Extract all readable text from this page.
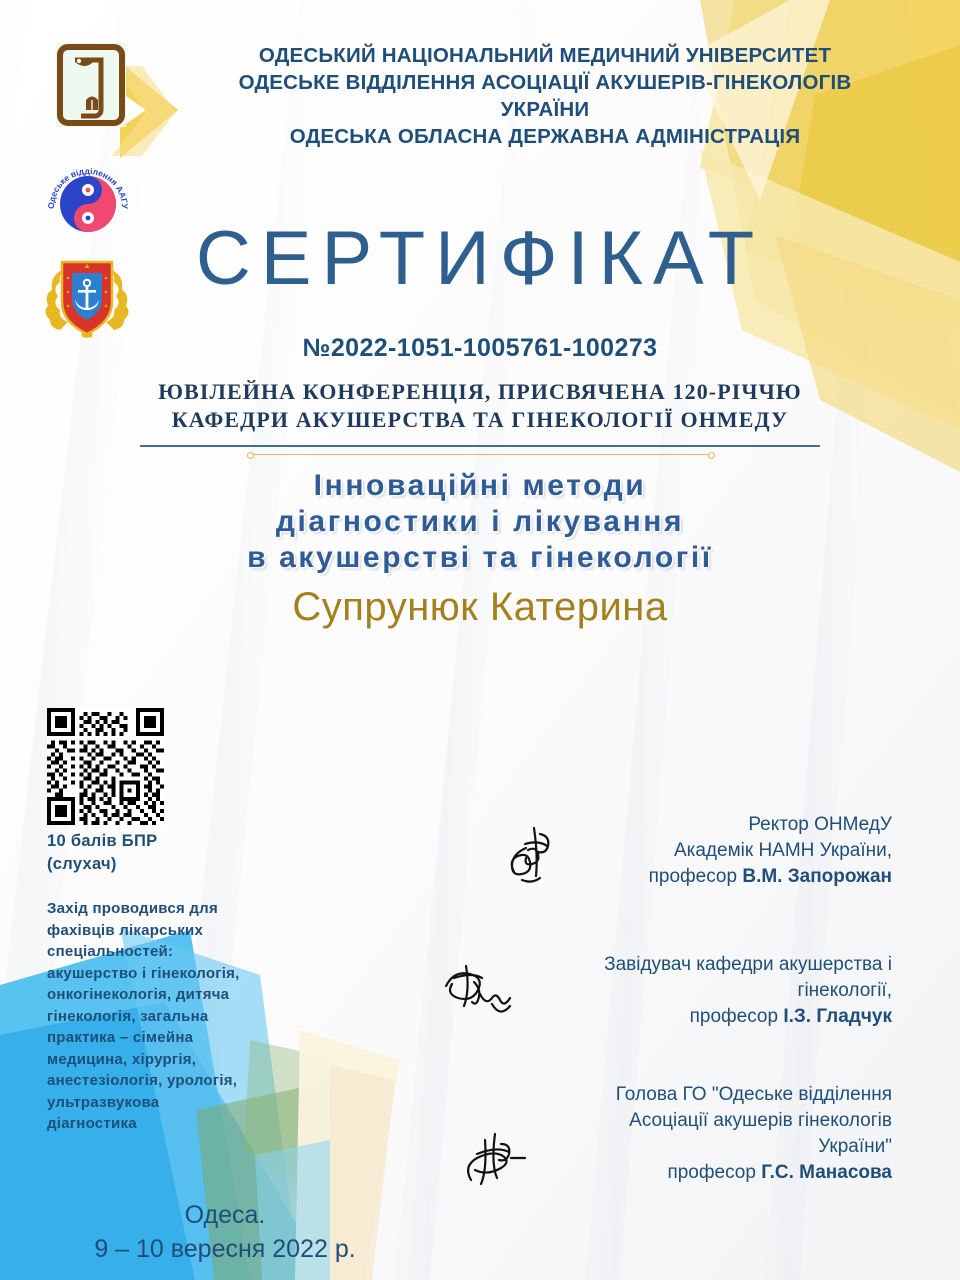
Одеське відділення ААГУ
ОДЕСЬКИЙ НАЦІОНАЛЬНИЙ МЕДИЧНИЙ УНІВЕРСИТЕТ
ОДЕСЬКЕ ВІДДІЛЕННЯ АСОЦІАЦІЇ АКУШЕРІВ-ГІНЕКОЛОГІВ
УКРАЇНИ
ОДЕСЬКА ОБЛАСНА ДЕРЖАВНА АДМІНІСТРАЦІЯ
СЕРТИФІКАТ
№2022-1051-1005761-100273
ЮВІЛЕЙНА КОНФЕРЕНЦІЯ, ПРИСВЯЧЕНА 120-РІЧЧЮ
КАФЕДРИ АКУШЕРСТВА ТА ГІНЕКОЛОГІЇ ОНМЕДУ
Інноваційні методи
діагностики і лікування
в акушерстві та гінекології
Супрунюк Катерина
10 балів БПР
(слухач)
Захід проводився для фахівців лікарських спеціальностей:
акушерство і гінекологія, онкогінекологія, дитяча гінекологія, загальна практика – сімейна медицина, хірургія, анестезіологія, урологія, ультразвукова діагностика
Ректор ОНМедУ
Академік НАМН України,
професор В.М. Запорожан
Завідувач кафедри акушерства і
гінекології,
професор І.З. Гладчук
Голова ГО "Одеське відділення
Асоціації акушерів гінекологів
України"
професор Г.С. Манасова
Одеса.
9 – 10 вересня 2022 р.
